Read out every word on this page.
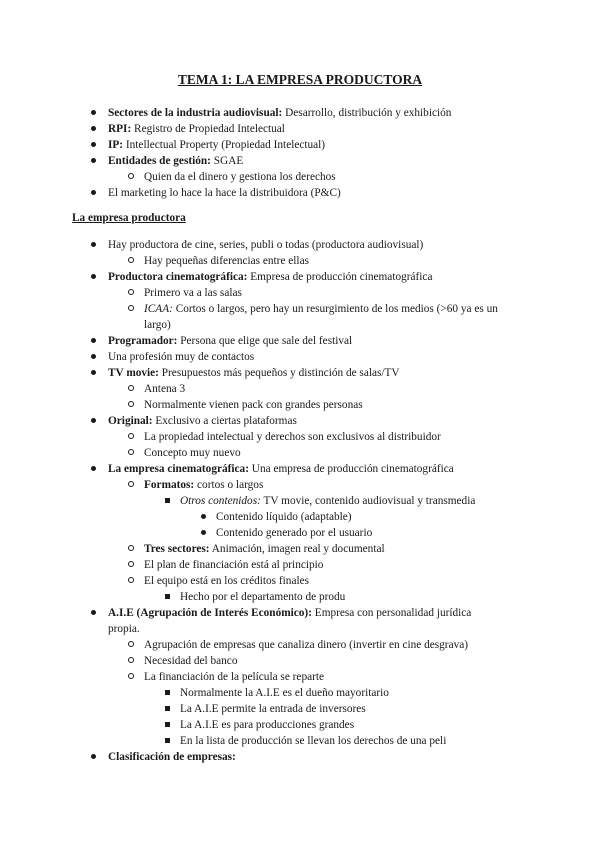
TEMA 1: LA EMPRESA PRODUCTORA
Sectores de la industria audiovisual: Desarrollo, distribución y exhibición
RPI: Registro de Propiedad Intelectual
IP: Intellectual Property (Propiedad Intelectual)
Entidades de gestión: SGAE
Quien da el dinero y gestiona los derechos
El marketing lo hace la hace la distribuidora (P&C)
La empresa productora
Hay productora de cine, series, publi o todas (productora audiovisual)
Hay pequeñas diferencias entre ellas
Productora cinematográfica: Empresa de producción cinematográfica
Primero va a las salas
ICAA: Cortos o largos, pero hay un resurgimiento de los medios (>60 ya es un
largo)
Programador: Persona que elige que sale del festival
Una profesión muy de contactos
TV movie: Presupuestos más pequeños y distinción de salas/TV
Antena 3
Normalmente vienen pack con grandes personas
Original: Exclusivo a ciertas plataformas
La propiedad intelectual y derechos son exclusivos al distribuidor
Concepto muy nuevo
La empresa cinematográfica: Una empresa de producción cinematográfica
Formatos: cortos o largos
Otros contenidos: TV movie, contenido audiovisual y transmedia
Contenido líquido (adaptable)
Contenido generado por el usuario
Tres sectores: Animación, imagen real y documental
El plan de financiación está al principio
El equipo está en los créditos finales
Hecho por el departamento de produ
A.I.E (Agrupación de Interés Económico): Empresa con personalidad jurídica
propia.
Agrupación de empresas que canaliza dinero (invertir en cine desgrava)
Necesidad del banco
La financiación de la película se reparte
Normalmente la A.I.E es el dueño mayoritario
La A.I.E permite la entrada de inversores
La A.I.E es para producciones grandes
En la lista de producción se llevan los derechos de una peli
Clasificación de empresas:
